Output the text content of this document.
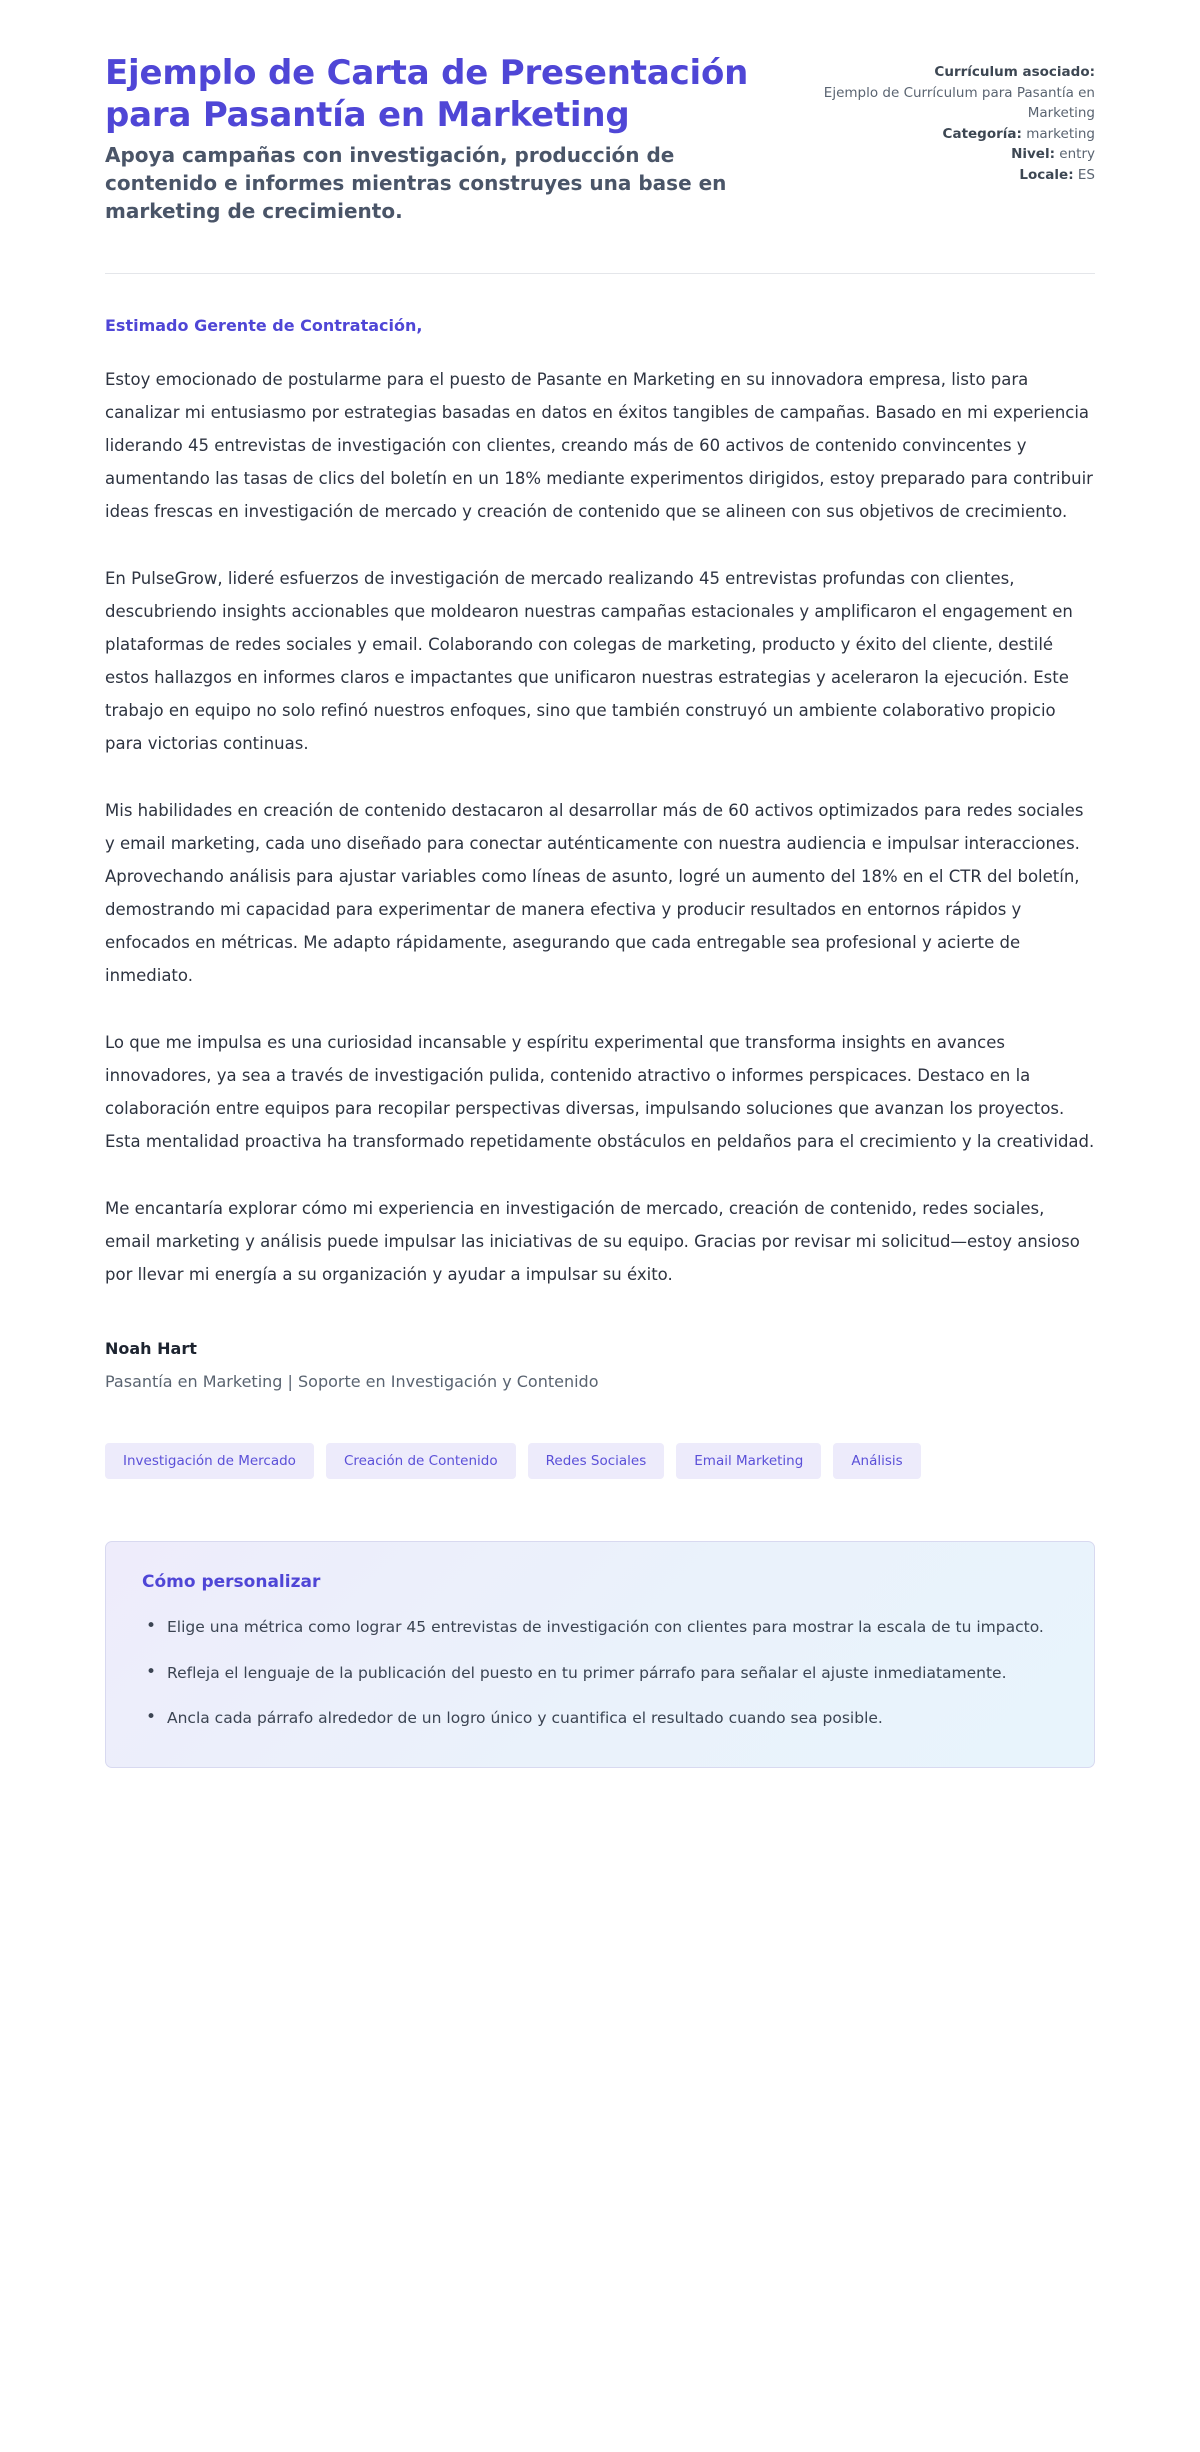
Ejemplo de Carta de Presentación para Pasantía en Marketing

Apoya campañas con investigación, producción de contenido e informes mientras construyes una base en marketing de crecimiento.

Currículum asociado:
Ejemplo de Currículum para Pasantía en Marketing
Categoría: marketing
Nivel: entry
Locale: ES

Estimado Gerente de Contratación,

Estoy emocionado de postularme para el puesto de Pasante en Marketing en su innovadora empresa, listo para canalizar mi entusiasmo por estrategias basadas en datos en éxitos tangibles de campañas. Basado en mi experiencia liderando 45 entrevistas de investigación con clientes, creando más de 60 activos de contenido convincentes y aumentando las tasas de clics del boletín en un 18% mediante experimentos dirigidos, estoy preparado para contribuir ideas frescas en investigación de mercado y creación de contenido que se alineen con sus objetivos de crecimiento.

En PulseGrow, lideré esfuerzos de investigación de mercado realizando 45 entrevistas profundas con clientes, descubriendo insights accionables que moldearon nuestras campañas estacionales y amplificaron el engagement en plataformas de redes sociales y email. Colaborando con colegas de marketing, producto y éxito del cliente, destilé estos hallazgos en informes claros e impactantes que unificaron nuestras estrategias y aceleraron la ejecución. Este trabajo en equipo no solo refinó nuestros enfoques, sino que también construyó un ambiente colaborativo propicio para victorias continuas.

Mis habilidades en creación de contenido destacaron al desarrollar más de 60 activos optimizados para redes sociales y email marketing, cada uno diseñado para conectar auténticamente con nuestra audiencia e impulsar interacciones. Aprovechando análisis para ajustar variables como líneas de asunto, logré un aumento del 18% en el CTR del boletín, demostrando mi capacidad para experimentar de manera efectiva y producir resultados en entornos rápidos y enfocados en métricas. Me adapto rápidamente, asegurando que cada entregable sea profesional y acierte de inmediato.

Lo que me impulsa es una curiosidad incansable y espíritu experimental que transforma insights en avances innovadores, ya sea a través de investigación pulida, contenido atractivo o informes perspicaces. Destaco en la colaboración entre equipos para recopilar perspectivas diversas, impulsando soluciones que avanzan los proyectos. Esta mentalidad proactiva ha transformado repetidamente obstáculos en peldaños para el crecimiento y la creatividad.

Me encantaría explorar cómo mi experiencia en investigación de mercado, creación de contenido, redes sociales, email marketing y análisis puede impulsar las iniciativas de su equipo. Gracias por revisar mi solicitud—estoy ansioso por llevar mi energía a su organización y ayudar a impulsar su éxito.

Noah Hart

Pasantía en Marketing | Soporte en Investigación y Contenido

Investigación de Mercado	Creación de Contenido	Redes Sociales	Email Marketing	Análisis
Cómo personalizar
• Elige una métrica como lograr 45 entrevistas de investigación con clientes para mostrar la escala de tu impacto.
• Refleja el lenguaje de la publicación del puesto en tu primer párrafo para señalar el ajuste inmediatamente.
• Ancla cada párrafo alrededor de un logro único y cuantifica el resultado cuando sea posible.
